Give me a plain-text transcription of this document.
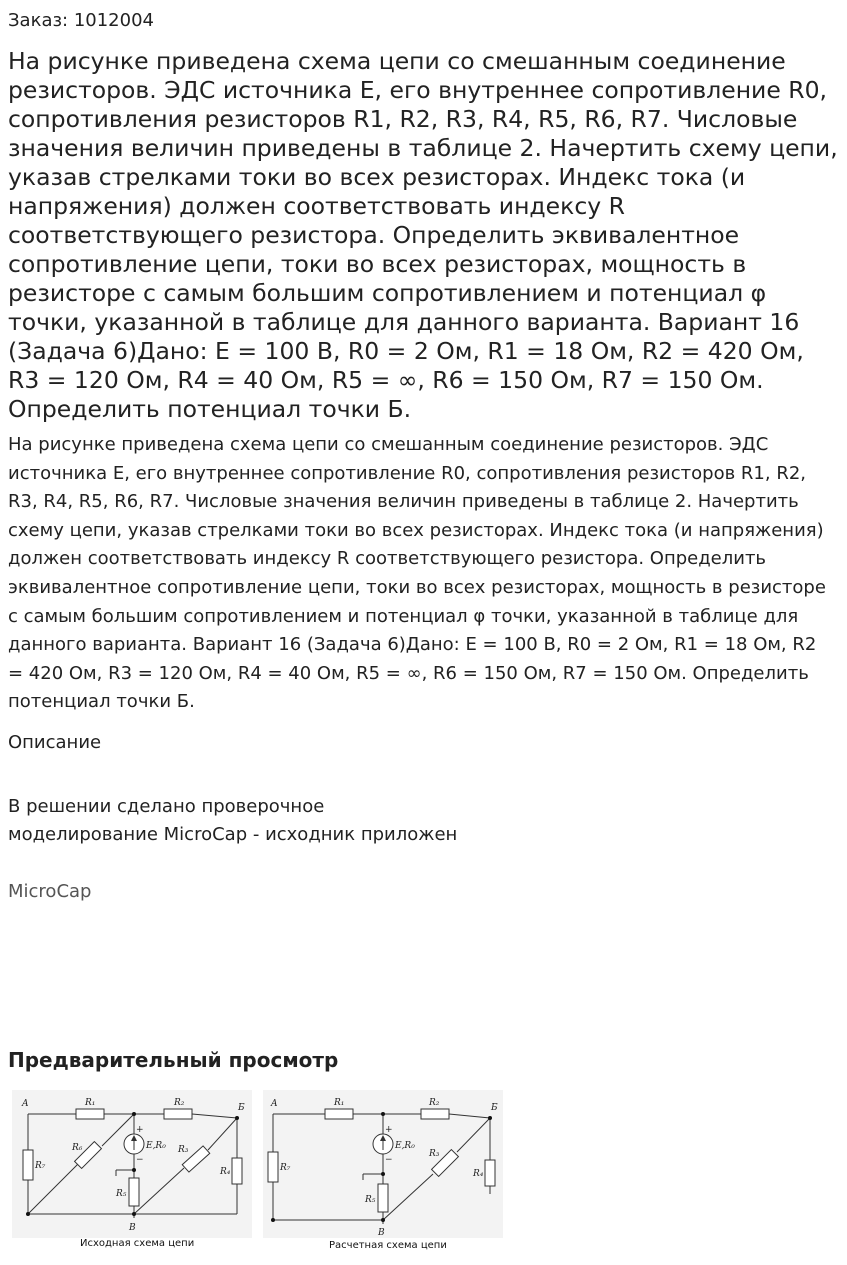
Заказ: 1012004
На рисунке приведена схема цепи со смешанным соединение резисторов. ЭДС источника Е, его внутреннее сопротивление R0, сопротивления резисторов R1, R2, R3, R4, R5, R6, R7. Числовые значения величин приведены в таблице 2. Начертить схему цепи, указав стрелками токи во всех резисторах. Индекс тока (и напряжения) должен соответствовать индексу R соответствующего резистора. Определить эквивалентное сопротивление цепи, токи во всех резисторах, мощность в резисторе с самым большим сопротивлением и потенциал φ точки, указанной в таблице для данного варианта. Вариант 16 (Задача 6)Дано: E = 100 В, R0 = 2 Ом, R1 = 18 Ом, R2 = 420 Ом, R3 = 120 Ом, R4 = 40 Ом, R5 = ∞, R6 = 150 Ом, R7 = 150 Ом. Определить потенциал точки Б.

На рисунке приведена схема цепи со смешанным соединение резисторов. ЭДС источника Е, его внутреннее сопротивление R0, сопротивления резисторов R1, R2, R3, R4, R5, R6, R7. Числовые значения величин приведены в таблице 2. Начертить схему цепи, указав стрелками токи во всех резисторах. Индекс тока (и напряжения) должен соответствовать индексу R соответствующего резистора. Определить эквивалентное сопротивление цепи, токи во всех резисторах, мощность в резисторе с самым большим сопротивлением и потенциал φ точки, указанной в таблице для данного варианта. Вариант 16 (Задача 6)Дано: E = 100 В, R0 = 2 Ом, R1 = 18 Ом, R2 = 420 Ом, R3 = 120 Ом, R4 = 40 Ом, R5 = ∞, R6 = 150 Ом, R7 = 150 Ом. Определить потенциал точки Б.

Описание
В решении сделано проверочное
моделирование MicroCap - исходник приложен
MicroCap
Предварительный просмотр
A	Б
В
R₁	R₂
R₇
R₄
R₅
R₆	R₃
E,R₀
+
−
A	Б
В
R₁	R₂
R₇
R₄
R₅
R₃
E,R₀
+
−
Исходная схема цепи	Расчетная схема цепи
